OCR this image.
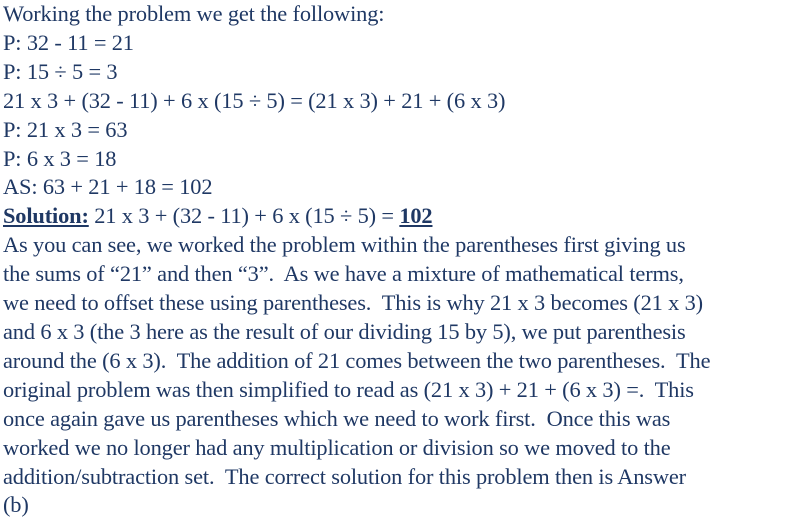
Working the problem we get the following:
P: 32 - 11 = 21
P: 15 ÷ 5 = 3
21 x 3 + (32 - 11) + 6 x (15 ÷ 5) = (21 x 3) + 21 + (6 x 3)
P: 21 x 3 = 63
P: 6 x 3 = 18
AS: 63 + 21 + 18 = 102
Solution: 21 x 3 + (32 - 11) + 6 x (15 ÷ 5) = 102
As you can see, we worked the problem within the parentheses first giving us
the sums of “21” and then “3”.  As we have a mixture of mathematical terms,
we need to offset these using parentheses.  This is why 21 x 3 becomes (21 x 3)
and 6 x 3 (the 3 here as the result of our dividing 15 by 5), we put parenthesis
around the (6 x 3).  The addition of 21 comes between the two parentheses.  The
original problem was then simplified to read as (21 x 3) + 21 + (6 x 3) =.  This
once again gave us parentheses which we need to work first.  Once this was
worked we no longer had any multiplication or division so we moved to the
addition/subtraction set.  The correct solution for this problem then is Answer
(b)
